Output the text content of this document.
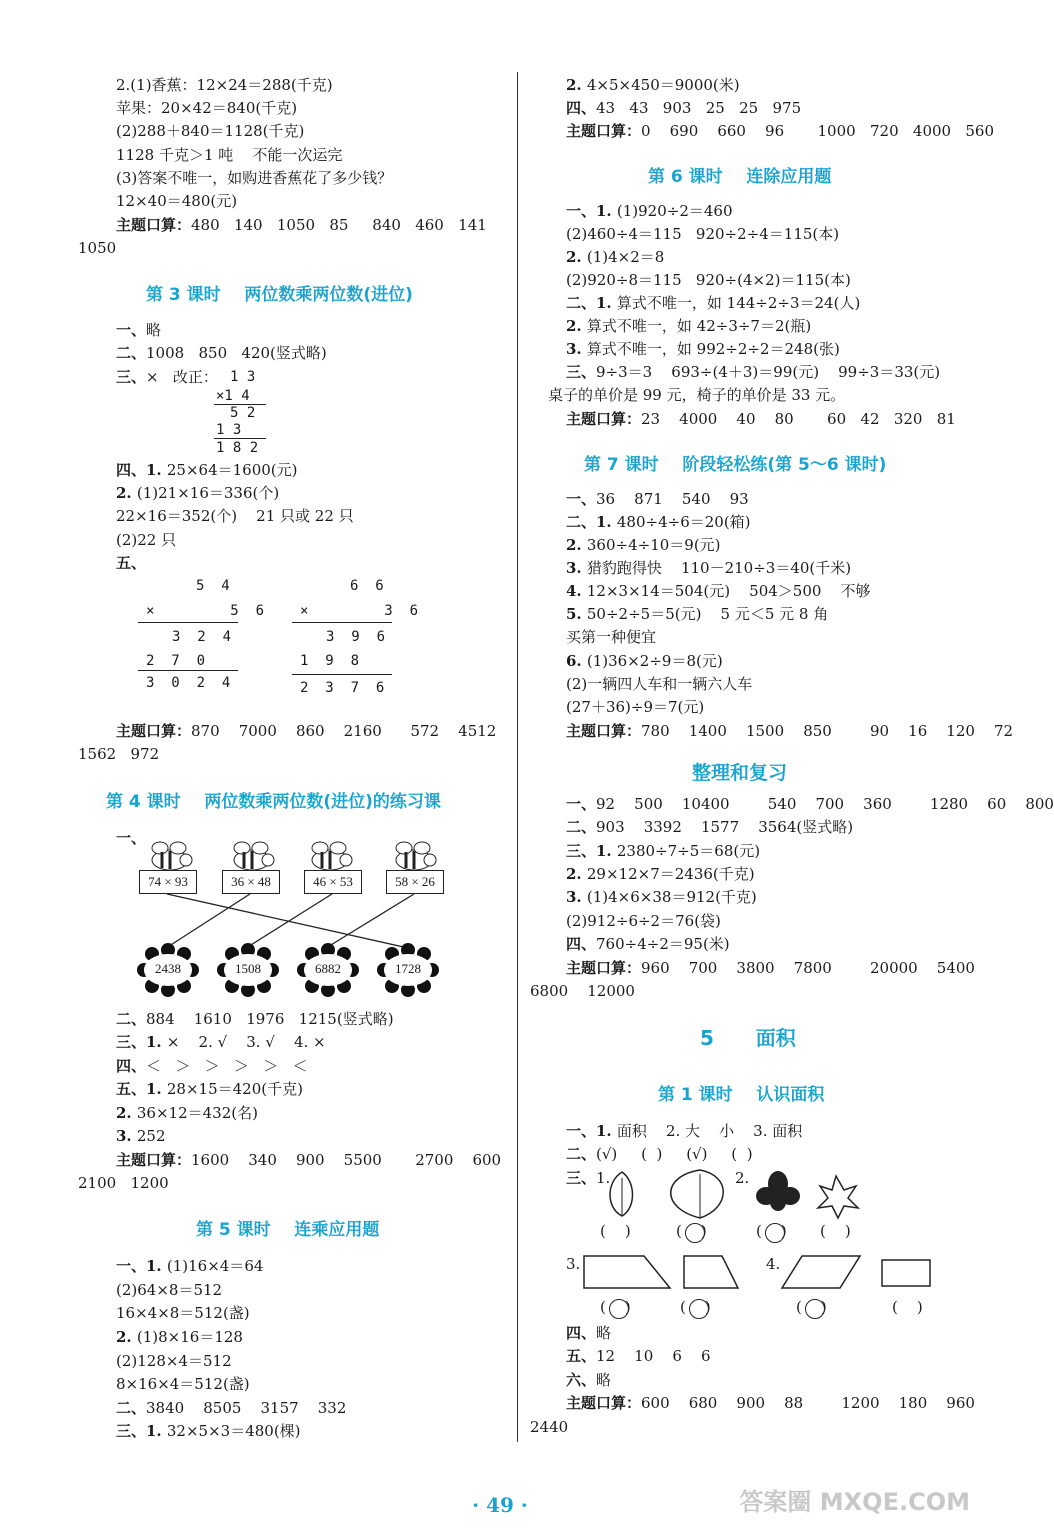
2.(1)香蕉：12×24＝288(千克)
苹果：20×42＝840(千克)
(2)288＋840＝1128(千克)
1128 千克＞1 吨    不能一次运完
(3)答案不唯一，如购进香蕉花了多少钱？
12×40＝480(元)
主题口算：480   140   1050   85     840   460   141
1050
第 3 课时    两位数乘两位数(进位)
一、略
二、1008   850   420(竖式略)
三、×   改正： 1 3
×1 4
5 2
1 3
1 8 2
四、1. 25×64＝1600(元)
2. (1)21×16＝336(个)
22×16＝352(个)    21 只或 22 只
(2)22 只
五、
5  4
×         5  6
3  2  4
2  7  0
3  0  2  4
6  6
×         3  6
3  9  6
1  9  8
2  3  7  6
主题口算：870    7000    860    2160      572    4512
1562   972
第 4 课时    两位数乘两位数(进位)的练习课
一、
74 × 93	36 × 48	46 × 53	58 × 26
2438	1508	6882	1728
二、884    1610   1976   1215(竖式略)
三、1. ×    2. √    3. √    4. ×
四、＜   ＞   ＞   ＞   ＞   ＜
五、1. 28×15＝420(千克)
2. 36×12＝432(名)
3. 252
主题口算：1600    340    900    5500       2700    600
2100   1200
第 5 课时    连乘应用题
一、1. (1)16×4＝64
(2)64×8＝512
16×4×8＝512(盏)
2. (1)8×16＝128
(2)128×4＝512
8×16×4＝512(盏)
二、3840    8505    3157    332
三、1. 32×5×3＝480(棵)
2. 4×5×450＝9000(米)
四、43   43   903   25   25   975
主题口算：0    690    660    96       1000   720   4000   560
第 6 课时    连除应用题
一、1. (1)920÷2＝460
(2)460÷4＝115   920÷2÷4＝115(本)
2. (1)4×2＝8
(2)920÷8＝115   920÷(4×2)＝115(本)
二、1. 算式不唯一，如 144÷2÷3＝24(人)
2. 算式不唯一，如 42÷3÷7＝2(瓶)
3. 算式不唯一，如 992÷2÷2＝248(张)
三、9÷3＝3    693÷(4＋3)＝99(元)    99÷3＝33(元)
桌子的单价是 99 元，椅子的单价是 33 元。
主题口算：23    4000    40    80       60   42   320   81
第 7 课时    阶段轻松练(第 5～6 课时)
一、36    871    540    93
二、1. 480÷4÷6＝20(箱)
2. 360÷4÷10＝9(元)
3. 猎豹跑得快    110－210÷3＝40(千米)
4. 12×3×14＝504(元)    504＞500    不够
5. 50÷2÷5＝5(元)    5 元＜5 元 8 角
买第一种便宜
6. (1)36×2÷9＝8(元)
(2)一辆四人车和一辆六人车
(27＋36)÷9＝7(元)
主题口算：780    1400    1500    850        90    16    120    72
整理和复习
一、92    500    10400        540    700    360        1280    60    800
二、903    3392    1577    3564(竖式略)
三、1. 2380÷7÷5＝68(元)
2. 29×12×7＝2436(千克)
3. (1)4×6×38＝912(千克)
(2)912÷6÷2＝76(袋)
四、760÷4÷2＝95(米)
主题口算：960    700    3800    7800        20000    5400
6800    12000
5      面积
第 1 课时    认识面积
一、1. 面积    2. 大    小    3. 面积
二、(√)     (  )     (√)     (  )
三、1.	2.
(    )	(    )	(    ) (    )
3.	4.
(    )	(    )	(    )	(    )
四、略
五、12    10    6    6
六、略
主题口算：600    680    900    88        1200    180    960
2440
· 49 ·	答案圈 MXQE.COM
